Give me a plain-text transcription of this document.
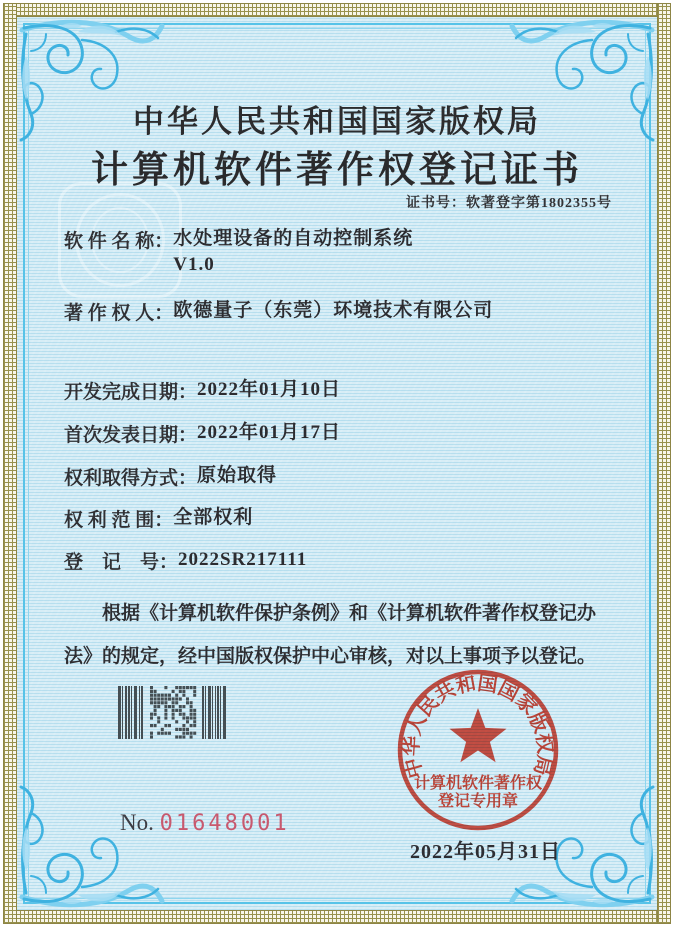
中华人民共和国国家版权局
计算机软件著作权登记证书
证书号：软著登字第1802355号
软 件 名 称： 水处理设备的自动控制系统
V1.0
著 作 权 人： 欧德量子（东莞）环境技术有限公司
开发完成日期： 2022年01月10日
首次发表日期： 2022年01月17日
权利取得方式： 原始取得
权 利 范 围： 全部权利
登　记　号： 2022SR217111

根据《计算机软件保护条例》和《计算机软件著作权登记办法》的规定，经中国版权保护中心审核，对以上事项予以登记。

中华人民共和国国家版权局
计算机软件著作权
登记专用章
No. 01648001
2022年05月31日
